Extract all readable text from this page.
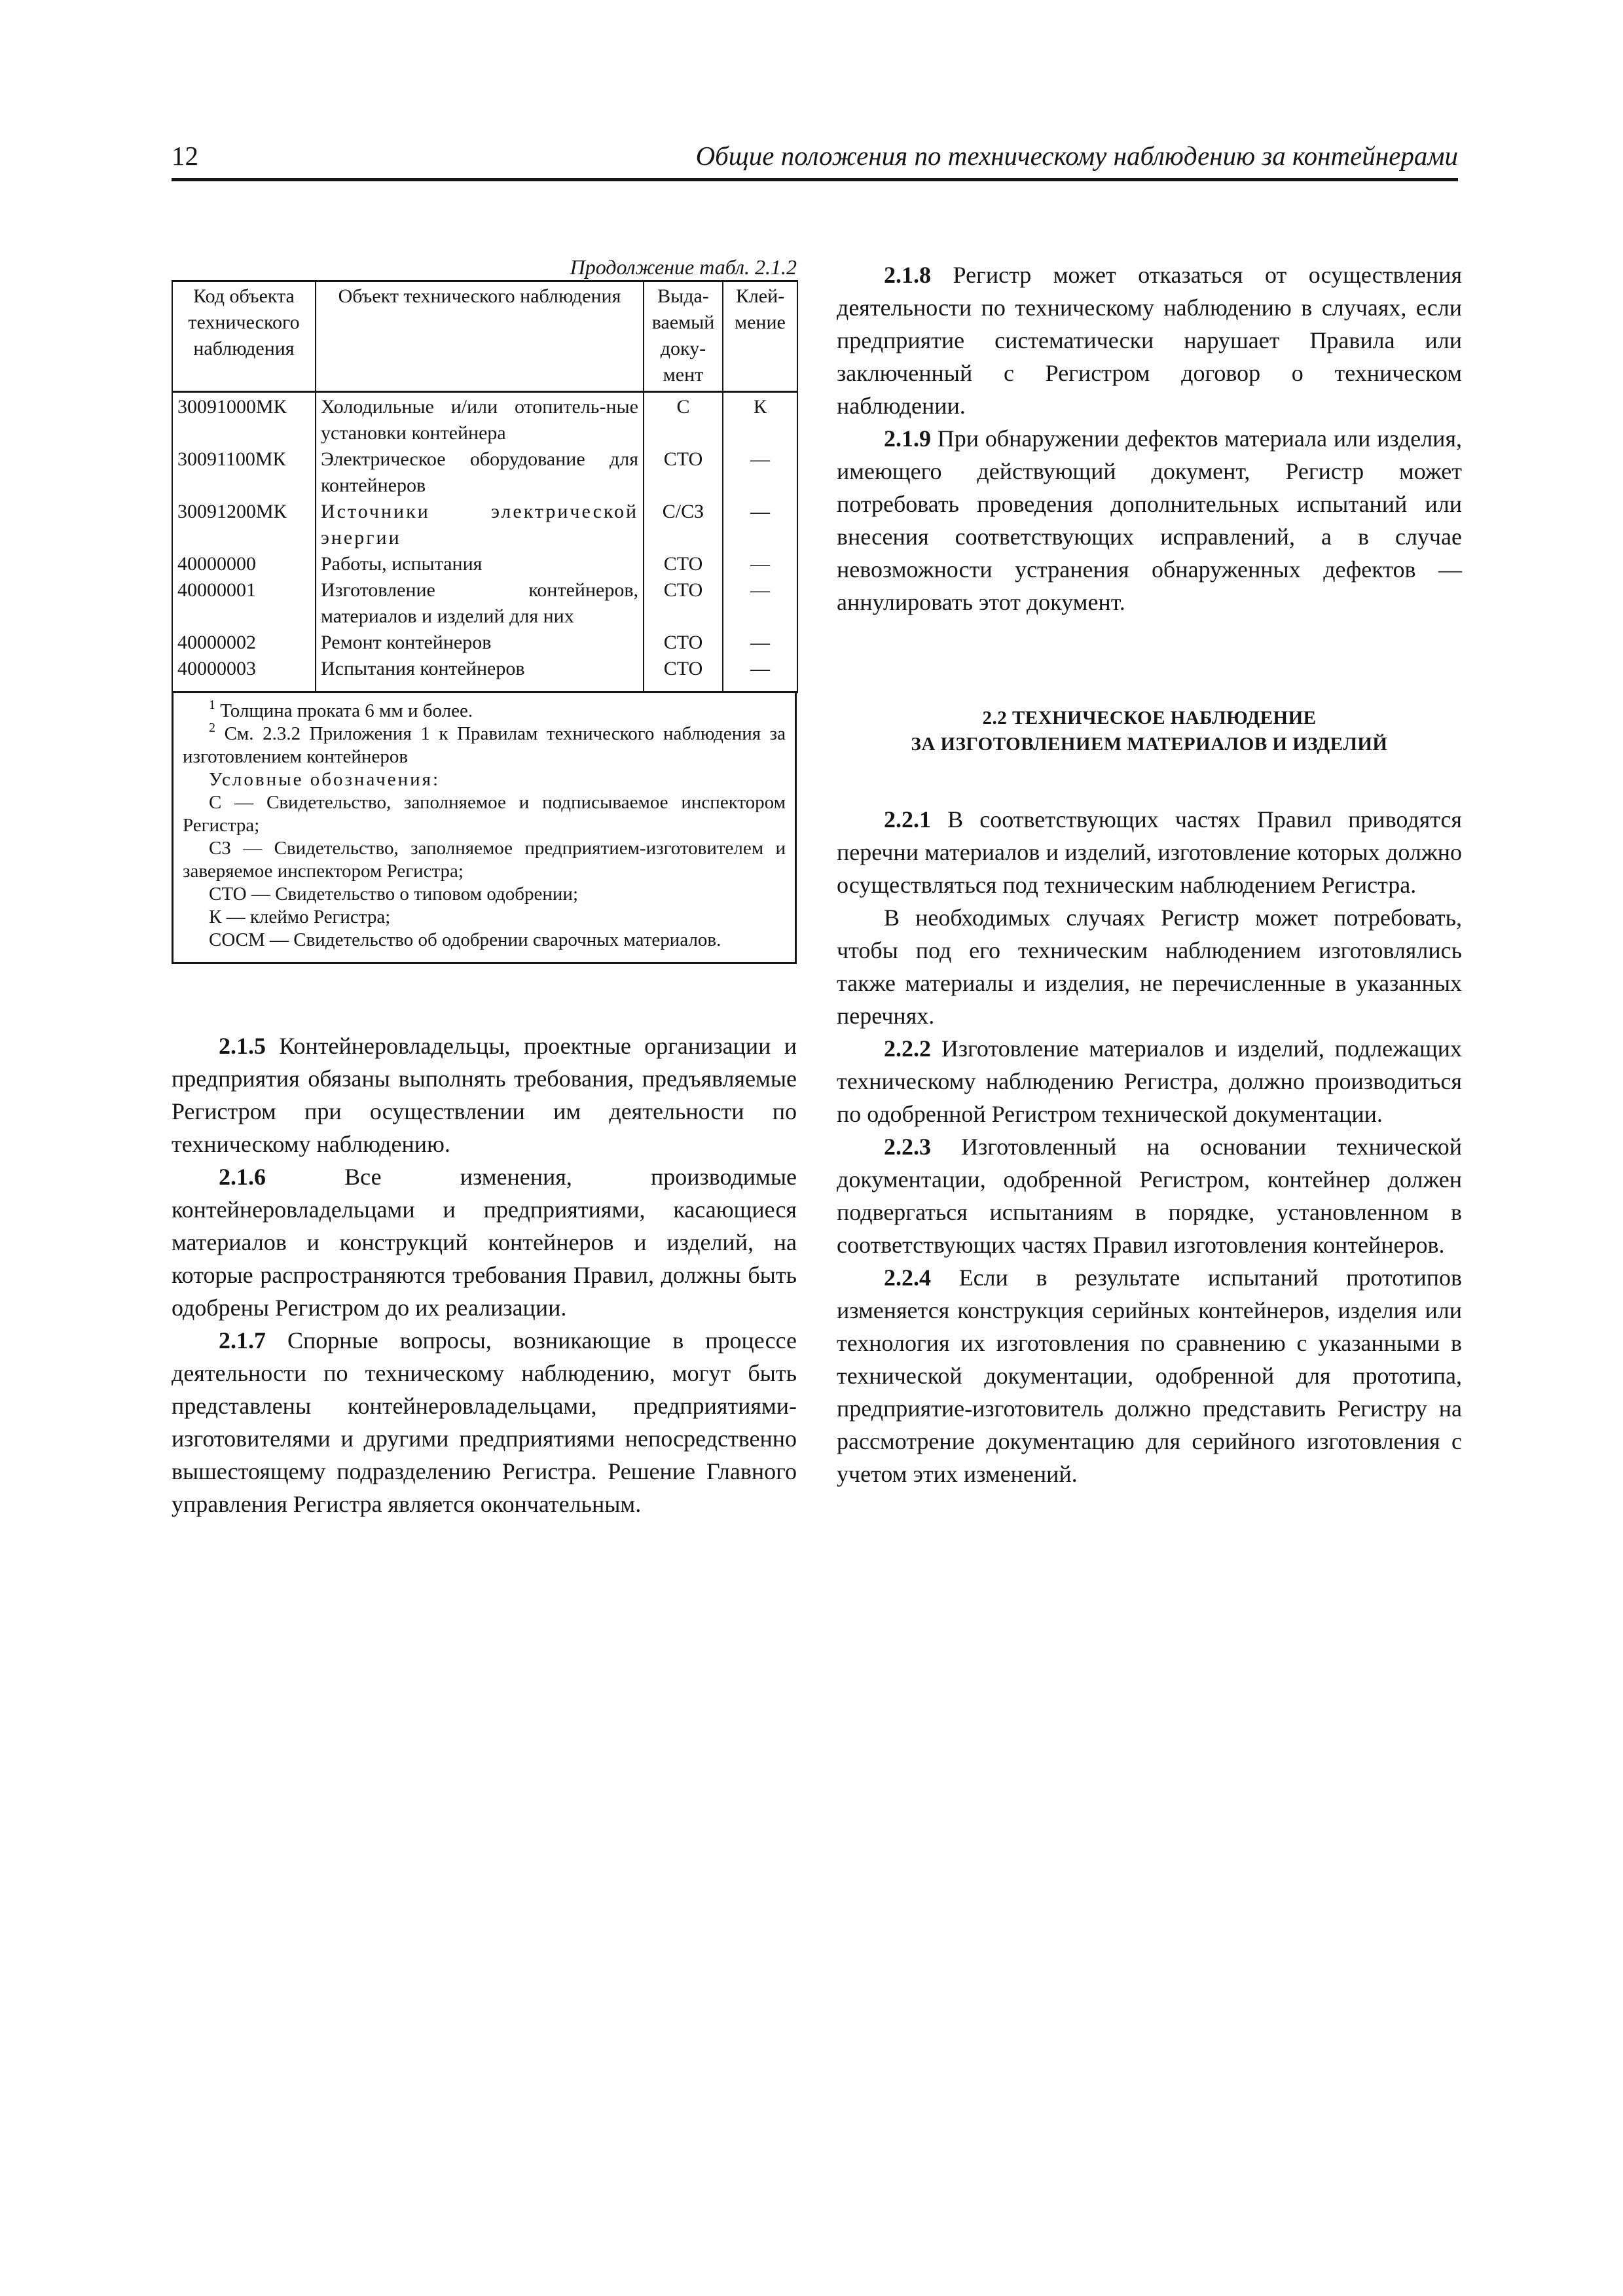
12	Общие положения по техническому наблюдению за контейнерами
Продолжение табл. 2.1.2
Код объекта технического наблюдения	Объект технического наблюдения	Выда-ваемый доку-мент	Клей-мение
30091000МК	Холодильные и/или отопитель-ные установки контейнера	С	К
30091100МК	Электрическое оборудование для контейнеров	СТО	—
30091200МК	Источники электрической энергии	С/СЗ	—
40000000	Работы, испытания	СТО	—
40000001	Изготовление контейнеров, материалов и изделий для них	СТО	—
40000002	Ремонт контейнеров	СТО	—
40000003	Испытания контейнеров	СТО	—

$^1$ Толщина проката 6 мм и более.

$^2$ См. 2.3.2 Приложения 1 к Правилам технического наблюдения за изготовлением контейнеров

Условные обозначения:

С — Свидетельство, заполняемое и подписываемое инспектором Регистра;

СЗ — Свидетельство, заполняемое предприятием-изготовителем и заверяемое инспектором Регистра;

СТО — Свидетельство о типовом одобрении;

К — клеймо Регистра;

СОСМ — Свидетельство об одобрении сварочных материалов.

2.1.5 Контейнеровладельцы, проектные организации и предприятия обязаны выполнять требования, предъявляемые Регистром при осуществлении им деятельности по техническому наблюдению.

2.1.6	Все изменения, производимые контейнеровладельцами и предприятиями, касающиеся материалов и конструкций контейнеров и изделий, на которые распространяются требования Правил, должны быть одобрены Регистром до их реализации.

2.1.7 Спорные вопросы, возникающие в процессе деятельности по техническому наблюдению, могут быть представлены контейнеровладельцами, предприятиями-изготовителями и другими предприятиями непосредственно вышестоящему подразделению Регистра. Решение Главного управления Регистра является окончательным.

2.1.8 Регистр может отказаться от осуществления деятельности по техническому наблюдению в случаях, если предприятие систематически нарушает Правила или заключенный с Регистром договор о техническом наблюдении.

2.1.9 При обнаружении дефектов материала или изделия, имеющего действующий документ, Регистр может потребовать проведения дополнительных испытаний или внесения соответствующих исправлений, а в случае невозможности устранения обнаруженных дефектов — аннулировать этот документ.

2.2 ТЕХНИЧЕСКОЕ НАБЛЮДЕНИЕ
ЗА ИЗГОТОВЛЕНИЕМ МАТЕРИАЛОВ И ИЗДЕЛИЙ

2.2.1 В соответствующих частях Правил приводятся перечни материалов и изделий, изготовление которых должно осуществляться под техническим наблюдением Регистра.

В необходимых случаях Регистр может потребовать, чтобы под его техническим наблюдением изготовлялись также материалы и изделия, не перечисленные в указанных перечнях.

2.2.2 Изготовление материалов и изделий, подлежащих техническому наблюдению Регистра, должно производиться по одобренной Регистром технической документации.

2.2.3 Изготовленный на основании технической документации, одобренной Регистром, контейнер должен подвергаться испытаниям в порядке, установленном в соответствующих частях Правил изготовления контейнеров.

2.2.4 Если в результате испытаний прототипов изменяется конструкция серийных контейнеров, изделия или технология их изготовления по сравнению с указанными в технической документации, одобренной для прототипа, предприятие-изготовитель должно представить Регистру на рассмотрение документацию для серийного изготовления с учетом этих изменений.
